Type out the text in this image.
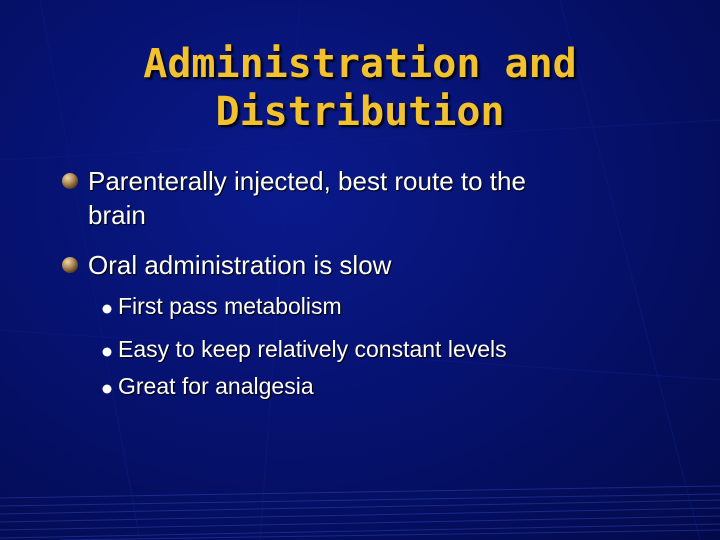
Administration and
Distribution
Parenterally injected, best route to the
brain
Oral administration is slow
First pass metabolism
Easy to keep relatively constant levels
Great for analgesia
